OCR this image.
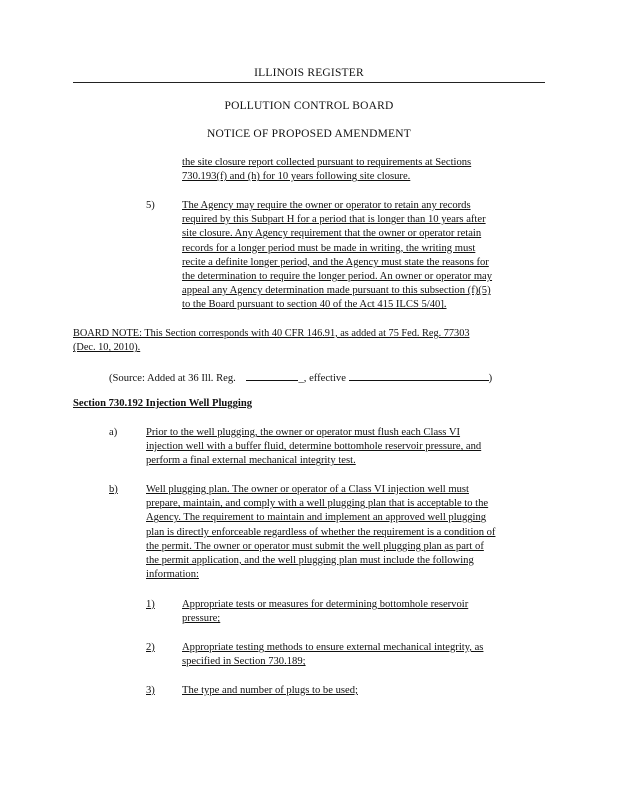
ILLINOIS REGISTER
POLLUTION CONTROL BOARD
NOTICE OF PROPOSED AMENDMENT
the site closure report collected pursuant to requirements at Sections
730.193(f) and (h) for 10 years following site closure.
5)	The Agency may require the owner or operator to retain any records
required by this Subpart H for a period that is longer than 10 years after
site closure. Any Agency requirement that the owner or operator retain
records for a longer period must be made in writing, the writing must
recite a definite longer period, and the Agency must state the reasons for
the determination to require the longer period. An owner or operator may
appeal any Agency determination made pursuant to this subsection (f)(5)
to the Board pursuant to section 40 of the Act 415 ILCS 5/40].
BOARD NOTE: This Section corresponds with 40 CFR 146.91, as added at 75 Fed. Reg. 77303
(Dec. 10, 2010).
(Source: Added at 36 Ill. Reg.	_, effective	)
Section 730.192 Injection Well Plugging
a)	Prior to the well plugging, the owner or operator must flush each Class VI
injection well with a buffer fluid, determine bottomhole reservoir pressure, and
perform a final external mechanical integrity test.
b)	Well plugging plan. The owner or operator of a Class VI injection well must
prepare, maintain, and comply with a well plugging plan that is acceptable to the
Agency. The requirement to maintain and implement an approved well plugging
plan is directly enforceable regardless of whether the requirement is a condition of
the permit. The owner or operator must submit the well plugging plan as part of
the permit application, and the well plugging plan must include the following
information:
1)	Appropriate tests or measures for determining bottomhole reservoir
pressure;
2)	Appropriate testing methods to ensure external mechanical integrity, as
specified in Section 730.189;
3)	The type and number of plugs to be used;
